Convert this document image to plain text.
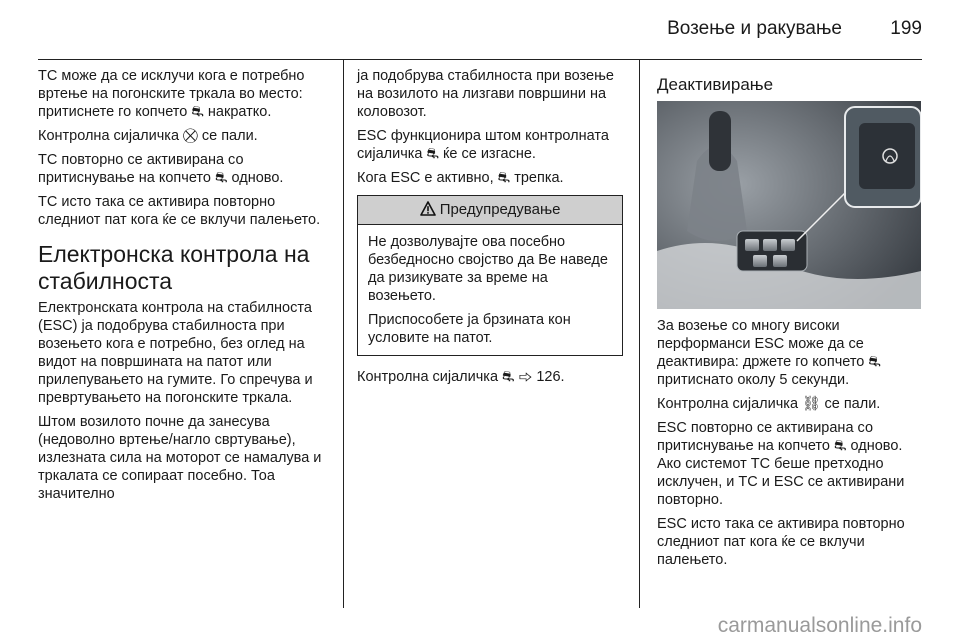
Возење и ракување	199

TC може да се исклучи кога е потребно вртење на погонските тркала во место: притиснете го копчето ⛐ накратко.

Контролна сијаличка ⛒ се пали.

TC повторно се активирана со притиснување на копчето ⛐ одново.

TC исто така се активира повторно следниот пат кога ќе се вклучи палењето.

Електронска контрола на стабилноста

Електронската контрола на стабилноста (ESC) ја подобрува стабилноста при возењето кога е потребно, без оглед на видот на површината на патот или прилепувањето на гумите. Го спречува и превртувањето на погонските тркала.

Штом возилото почне да занесува (недоволно вртење/нагло свртување), излезната сила на моторот се намалува и тркалата се сопираат посебно. Тоа значително

ја подобрува стабилноста при возење на возилото на лизгави површини на коловозот.

ESC функционира штом контролната сијаличка ⛐ ќе се изгасне.

Кога ESC е активно, ⛐ трепка.

Предупредување

Не дозволувајте ова посебно безбедносно својство да Ве наведе да ризикувате за време на возењето.

Приспособете ја брзината кон условите на патот.

Контролна сијаличка ⛐ ⇨ 126.

Деактивирање

За возење со многу високи перформанси ESC може да се деактивира: држете го копчето ⛐ притиснато околу 5 секунди.

Контролна сијаличка ⛓ се пали.

ESC повторно се активирана со притиснување на копчето ⛐ одново. Ако системот TC беше претходно исклучен, и TC и ESC се активирани повторно.

ESC исто така се активира повторно следниот пат кога ќе се вклучи палењето.

carmanualsonline.info
